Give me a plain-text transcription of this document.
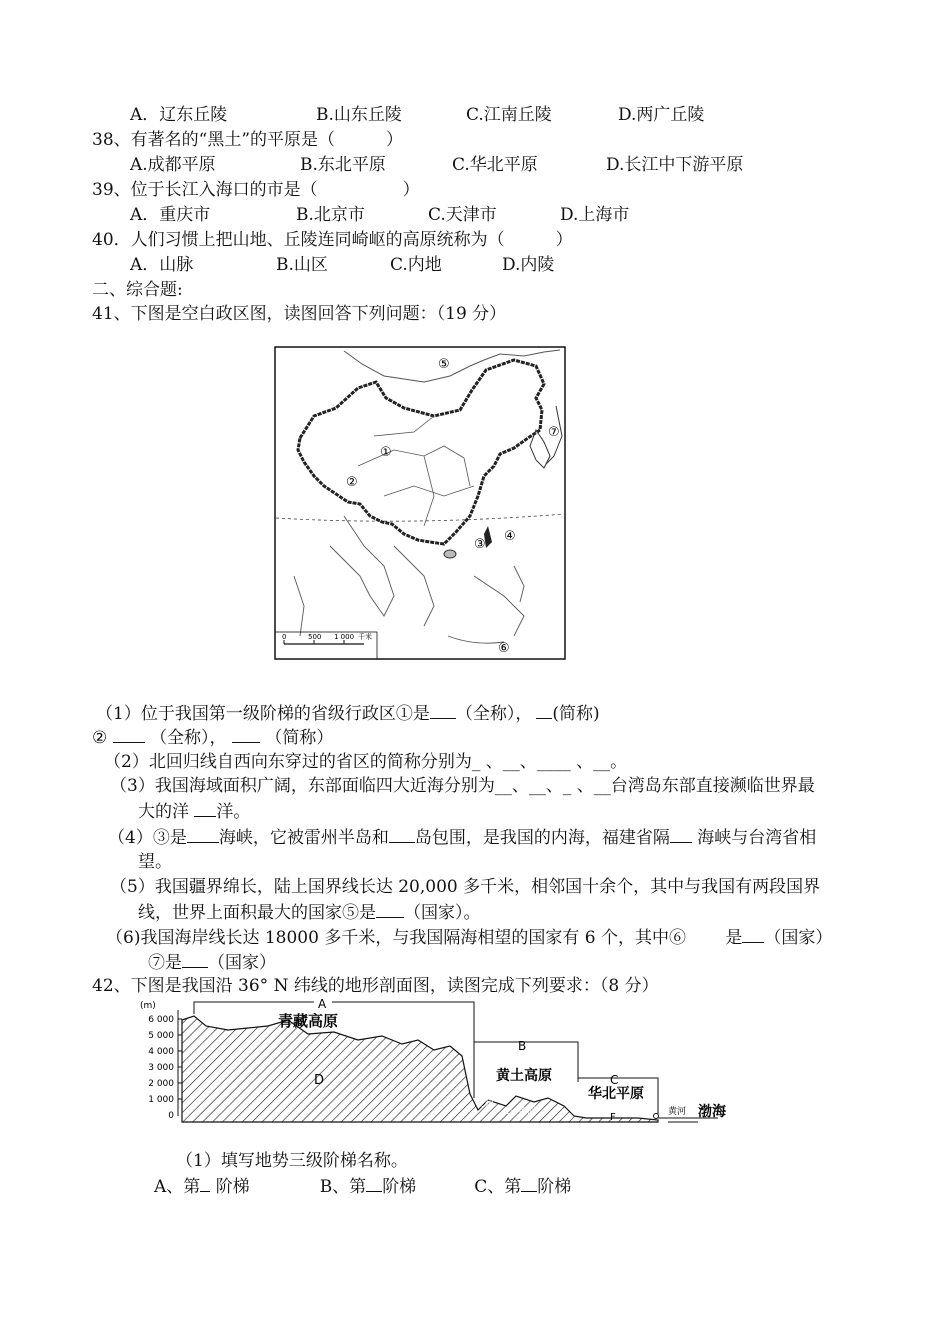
A．辽东丘陵	B.山东丘陵	C.江南丘陵	D.两广丘陵
38、有著名的“黑土”的平原是（　　　）
A.成都平原	B.东北平原	C.华北平原	D.长江中下游平原
39、位于长江入海口的市是（　　　　　）
A．重庆市	B.北京市	C.天津市	D.上海市
40．人们习惯上把山地、丘陵连同崎岖的高原统称为（　　　）
A．山脉	B.山区	C.内地	D.内陵
二、综合题:
41、下图是空白政区图，读图回答下列问题：（19 分）
⑤
①
②
③
④
⑦
⑥
0	500 1 000 千米
（1）位于我国第一级阶梯的省级行政区①是 （全称）， (简称)
②	（全称）， （简称）
（2）北回归线自西向东穿过的省区的简称分别为_ 、__、____ 、__。
（3）我国海域面积广阔，东部面临四大近海分别为__、__、_ 、__台湾岛东部直接濒临世界最
大的洋 洋。
（4）③是 海峡，它被雷州半岛和 岛包围，是我国的内海，福建省隔 海峡与台湾省相
望。
（5）我国疆界绵长，陆上国界线长达 20,000 多千米，相邻国十余个，其中与我国有两段国界
线，世界上面积最大的国家⑤是 （国家）。
（6)我国海岸线长达 18000 多千米，与我国隔海相望的国家有 6 个，其中⑥　　 是 （国家）
⑦是 （国家）
42、下图是我国沿 36° N 纬线的地形剖面图，读图完成下列要求：（8 分）
(m)
6 000
5 000
4 000
3 000
2 000
1 000
0
A
B
C
D
E
F
青藏高原
黄土高原
华北平原
渤海
兰州
黄河	黄河
（1）填写地势三级阶梯名称。
A、第 阶梯	B、第 阶梯	C、第 阶梯
